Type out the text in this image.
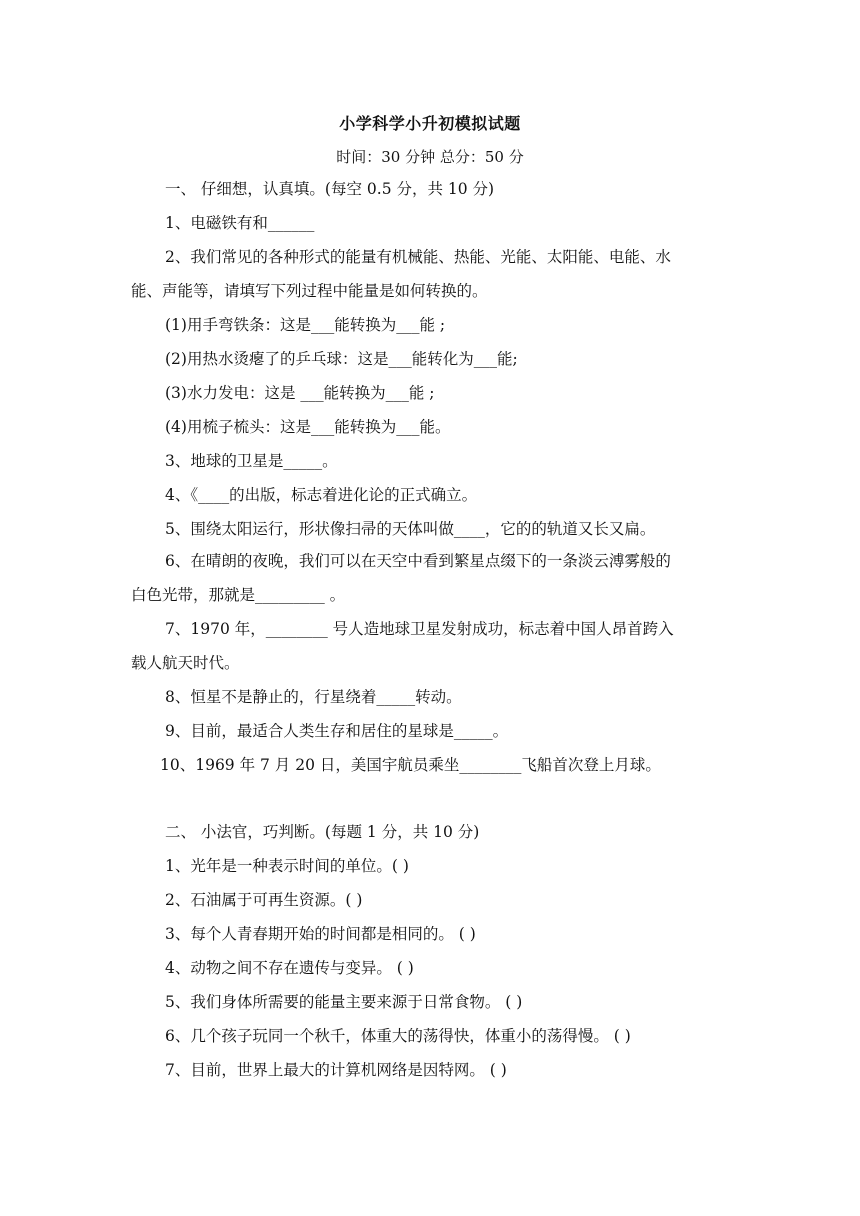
小学科学小升初模拟试题
时间：30 分钟 总分：50 分
一、 仔细想，认真填。(每空 0.5 分，共 10 分)
1、电磁铁有和______
2、我们常见的各种形式的能量有机械能、热能、光能、太阳能、电能、水
能、声能等，请填写下列过程中能量是如何转换的。
(1)用手弯铁条：这是___能转换为___能 ;
(2)用热水烫瘪了的乒乓球：这是___能转化为___能;
(3)水力发电：这是 ___能转换为___能 ;
(4)用梳子梳头：这是___能转换为___能。
3、地球的卫星是_____。
4、《____的出版，标志着进化论的正式确立。
5、围绕太阳运行，形状像扫帚的天体叫做____，它的的轨道又长又扁。
6、在晴朗的夜晚，我们可以在天空中看到繁星点缀下的一条淡云溥雾般的
白色光带，那就是_________ 。
7、1970 年，________ 号人造地球卫星发射成功，标志着中国人昂首跨入
载人航天时代。
8、恒星不是静止的，行星绕着_____转动。
9、目前，最适合人类生存和居住的星球是_____。
10、1969 年 7 月 20 日，美国宇航员乘坐________飞船首次登上月球。
二、 小法官，巧判断。(每题 1 分，共 10 分)
1、光年是一种表示时间的单位。( )
2、石油属于可再生资源。( )
3、每个人青春期开始的时间都是相同的。 ( )
4、动物之间不存在遗传与变异。 ( )
5、我们身体所需要的能量主要来源于日常食物。 ( )
6、几个孩子玩同一个秋千，体重大的荡得快，体重小的荡得慢。 ( )
7、目前，世界上最大的计算机网络是因特网。 ( )
